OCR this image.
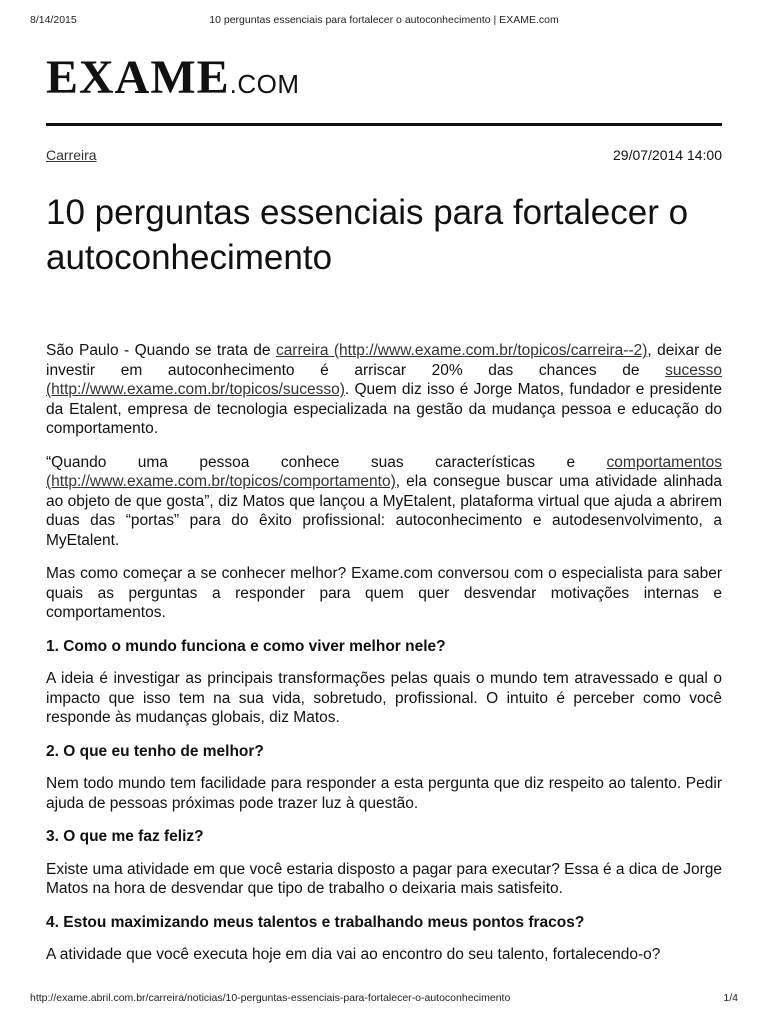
8/14/2015	10 perguntas essenciais para fortalecer o autoconhecimento | EXAME.com
EXAME.COM
Carreira	29/07/2014 14:00
10 perguntas essenciais para fortalecer o autoconhecimento

São Paulo - Quando se trata de carreira (http://www.exame.com.br/topicos/carreira--2), deixar de investir em autoconhecimento é arriscar 20% das chances de sucesso (http://www.exame.com.br/topicos/sucesso). Quem diz isso é Jorge Matos, fundador e presidente da Etalent, empresa de tecnologia especializada na gestão da mudança pessoa e educação do comportamento.

“Quando uma pessoa conhece suas características e comportamentos (http://www.exame.com.br/topicos/comportamento), ela consegue buscar uma atividade alinhada ao objeto de que gosta”, diz Matos que lançou a MyEtalent, plataforma virtual que ajuda a abrirem duas das “portas” para do êxito profissional: autoconhecimento e autodesenvolvimento, a MyEtalent.

Mas como começar a se conhecer melhor? Exame.com conversou com o especialista para saber quais as perguntas a responder para quem quer desvendar motivações internas e comportamentos.

1. Como o mundo funciona e como viver melhor nele?

A ideia é investigar as principais transformações pelas quais o mundo tem atravessado e qual o impacto que isso tem na sua vida, sobretudo, profissional. O intuito é perceber como você responde às mudanças globais, diz Matos.

2. O que eu tenho de melhor?

Nem todo mundo tem facilidade para responder a esta pergunta que diz respeito ao talento. Pedir ajuda de pessoas próximas pode trazer luz à questão.

3. O que me faz feliz?

Existe uma atividade em que você estaria disposto a pagar para executar? Essa é a dica de Jorge Matos na hora de desvendar que tipo de trabalho o deixaria mais satisfeito.

4. Estou maximizando meus talentos e trabalhando meus pontos fracos?

A atividade que você executa hoje em dia vai ao encontro do seu talento, fortalecendo-o?

http://exame.abril.com.br/carreira/noticias/10-perguntas-essenciais-para-fortalecer-o-autoconhecimento	1/4
